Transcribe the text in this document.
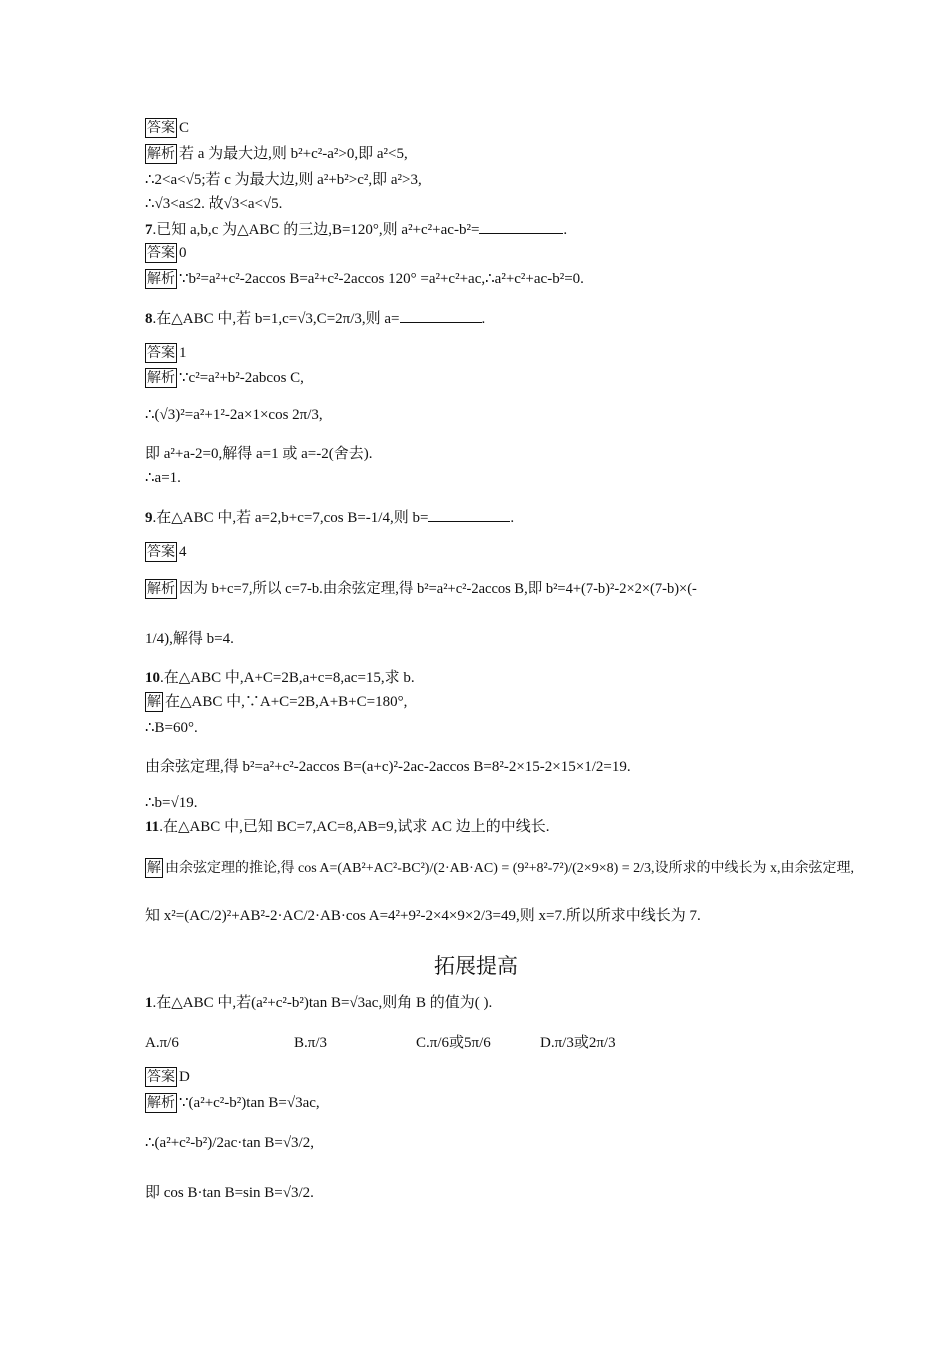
答案 C
解析 若 a 为最大边,则 b²+c²-a²>0,即 a²<5,
∴2<a<√5;若 c 为最大边,则 a²+b²>c²,即 a²>3,
∴√3<a≤2. 故√3<a<√5.
7.已知 a,b,c 为△ABC 的三边,B=120°,则 a²+c²+ac-b²=	.
答案 0
解析 ∵b²=a²+c²-2accos B=a²+c²-2accos 120° =a²+c²+ac,∴a²+c²+ac-b²=0.
8.在△ABC 中,若 b=1,c=√3,C=2π/3,则 a=	.
答案 1
解析 ∵c²=a²+b²-2abcos C,
∴(√3)²=a²+1²-2a×1×cos 2π/3,
即 a²+a-2=0,解得 a=1 或 a=-2(舍去).
∴a=1.
9.在△ABC 中,若 a=2,b+c=7,cos B=-1/4,则 b=	.
答案 4
解析 因为 b+c=7,所以 c=7-b.由余弦定理,得 b²=a²+c²-2accos B,即 b²=4+(7-b)²-2×2×(7-b)×(-
1/4),解得 b=4.
10.在△ABC 中,A+C=2B,a+c=8,ac=15,求 b.
解 在△ABC 中,∵A+C=2B,A+B+C=180°,
∴B=60°.
由余弦定理,得 b²=a²+c²-2accos B=(a+c)²-2ac-2accos B=8²-2×15-2×15×1/2=19.
∴b=√19.
11.在△ABC 中,已知 BC=7,AC=8,AB=9,试求 AC 边上的中线长.
解 由余弦定理的推论,得 cos A=(AB²+AC²-BC²)/(2·AB·AC) = (9²+8²-7²)/(2×9×8) = 2/3,设所求的中线长为 x,由余弦定理,
知 x²=(AC/2)²+AB²-2·AC/2·AB·cos A=4²+9²-2×4×9×2/3=49,则 x=7.所以所求中线长为 7.
拓展提高
1.在△ABC 中,若(a²+c²-b²)tan B=√3ac,则角 B 的值为( ).
A.π/6	B.π/3	C.π/6或5π/6	D.π/3或2π/3
答案 D
解析 ∵(a²+c²-b²)tan B=√3ac,
∴(a²+c²-b²)/2ac·tan B=√3/2,
即 cos B·tan B=sin B=√3/2.
